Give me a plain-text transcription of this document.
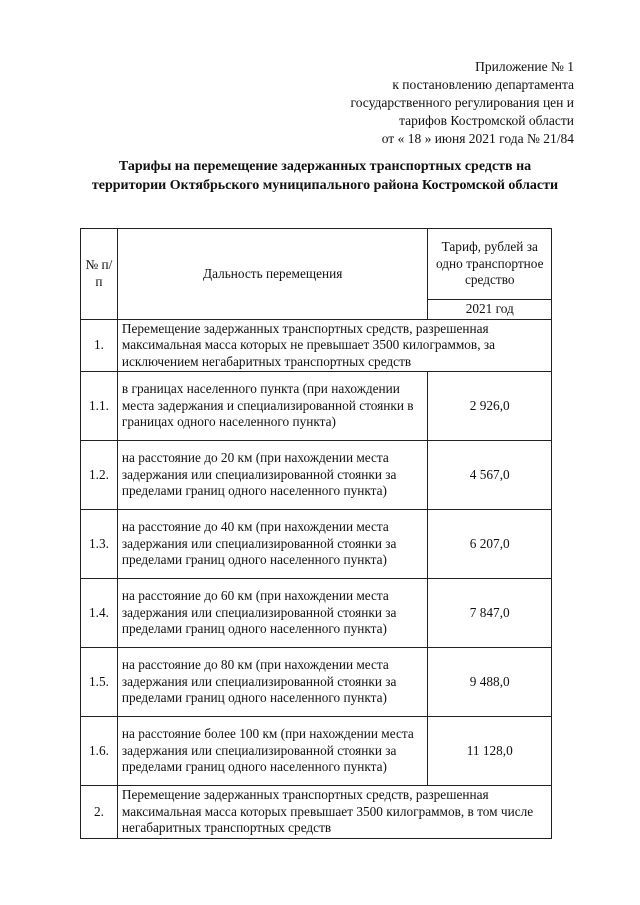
Приложение № 1
к постановлению департамента
государственного регулирования цен и
тарифов Костромской области
от « 18 » июня 2021 года № 21/84
Тарифы на перемещение задержанных транспортных средств на территории Октябрьского муниципального района Костромской области
№ п/п	Дальность перемещения	Тариф, рублей за одно транспортное средство
		2021 год
1.	Перемещение задержанных транспортных средств, разрешенная максимальная масса которых не превышает 3500 килограммов, за исключением негабаритных транспортных средств	
1.1.	в границах населенного пункта (при нахождении места задержания и специализированной стоянки в границах одного населенного пункта)	2 926,0
1.2.	на расстояние до 20 км (при нахождении места задержания или специализированной стоянки за пределами границ одного населенного пункта)	4 567,0
1.3.	на расстояние до 40 км (при нахождении места задержания или специализированной стоянки за пределами границ одного населенного пункта)	6 207,0
1.4.	на расстояние до 60 км (при нахождении места задержания или специализированной стоянки за пределами границ одного населенного пункта)	7 847,0
1.5.	на расстояние до 80 км (при нахождении места задержания или специализированной стоянки за пределами границ одного населенного пункта)	9 488,0
1.6.	на расстояние более 100 км (при нахождении места задержания или специализированной стоянки за пределами границ одного населенного пункта)	11 128,0
2.	Перемещение задержанных транспортных средств, разрешенная максимальная масса которых превышает 3500 килограммов, в том числе негабаритных транспортных средств	
